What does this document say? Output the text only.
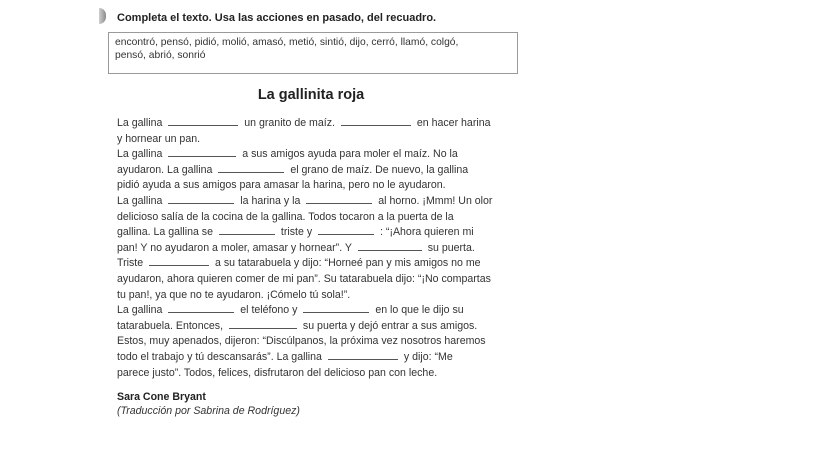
Completa el texto. Usa las acciones en pasado, del recuadro.
encontró, pensó, pidió, molió, amasó, metió, sintió, dijo, cerró, llamó, colgó,
pensó, abrió, sonrió
La gallinita roja
La gallina	un granito de maíz.	en hacer harina
y hornear un pan.
La gallina	a sus amigos ayuda para moler el maíz. No la
ayudaron. La gallina	el grano de maíz. De nuevo, la gallina
pidió ayuda a sus amigos para amasar la harina, pero no le ayudaron.
La gallina	la harina y la	al horno. ¡Mmm! Un olor
delicioso salía de la cocina de la gallina. Todos tocaron a la puerta de la
gallina. La gallina se	triste y	: “¡Ahora quieren mi
pan! Y no ayudaron a moler, amasar y hornear”. Y	su puerta.
Triste	a su tatarabuela y dijo: “Horneé pan y mis amigos no me
ayudaron, ahora quieren comer de mi pan”. Su tatarabuela dijo: “¡No compartas
tu pan!, ya que no te ayudaron. ¡Cómelo tú sola!”.
La gallina	el teléfono y	en lo que le dijo su
tatarabuela. Entonces,	su puerta y dejó entrar a sus amigos.
Estos, muy apenados, dijeron: “Discúlpanos, la próxima vez nosotros haremos
todo el trabajo y tú descansarás”. La gallina	y dijo: “Me
parece justo”. Todos, felices, disfrutaron del delicioso pan con leche.
Sara Cone Bryant
(Traducción por Sabrina de Rodríguez)
